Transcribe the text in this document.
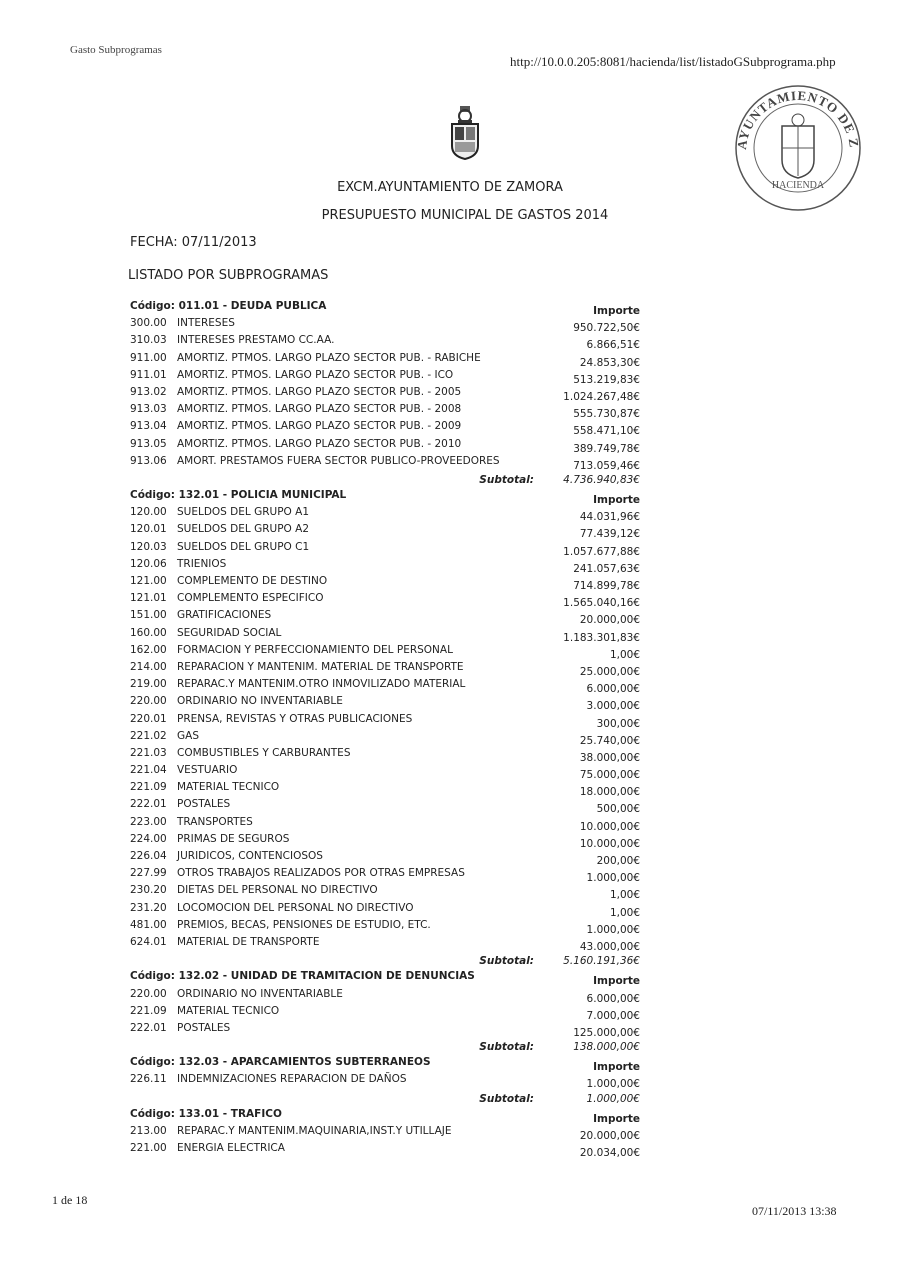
Gasto Subprogramas
http://10.0.0.205:8081/hacienda/list/listadoGSubprograma.php
AYUNTAMIENTO DE Z
HACIENDA
EXCM.AYUNTAMIENTO DE ZAMORA
PRESUPUESTO MUNICIPAL DE GASTOS 2014
FECHA: 07/11/2013
LISTADO POR SUBPROGRAMAS
Código: 011.01 - DEUDA PUBLICA	Importe
300.00 INTERESES	950.722,50€
310.03 INTERESES PRESTAMO CC.AA.	6.866,51€
911.00 AMORTIZ. PTMOS. LARGO PLAZO SECTOR PUB. - RABICHE	24.853,30€
911.01 AMORTIZ. PTMOS. LARGO PLAZO SECTOR PUB. - ICO	513.219,83€
913.02 AMORTIZ. PTMOS. LARGO PLAZO SECTOR PUB. - 2005	1.024.267,48€
913.03 AMORTIZ. PTMOS. LARGO PLAZO SECTOR PUB. - 2008	555.730,87€
913.04 AMORTIZ. PTMOS. LARGO PLAZO SECTOR PUB. - 2009	558.471,10€
913.05 AMORTIZ. PTMOS. LARGO PLAZO SECTOR PUB. - 2010	389.749,78€
913.06 AMORT. PRESTAMOS FUERA SECTOR PUBLICO-PROVEEDORES	713.059,46€
Subtotal:	4.736.940,83€
Código: 132.01 - POLICIA MUNICIPAL	Importe
120.00 SUELDOS DEL GRUPO A1	44.031,96€
120.01 SUELDOS DEL GRUPO A2	77.439,12€
120.03 SUELDOS DEL GRUPO C1	1.057.677,88€
120.06 TRIENIOS	241.057,63€
121.00 COMPLEMENTO DE DESTINO	714.899,78€
121.01 COMPLEMENTO ESPECIFICO	1.565.040,16€
151.00 GRATIFICACIONES	20.000,00€
160.00 SEGURIDAD SOCIAL	1.183.301,83€
162.00 FORMACION Y PERFECCIONAMIENTO DEL PERSONAL	1,00€
214.00 REPARACION Y MANTENIM. MATERIAL DE TRANSPORTE	25.000,00€
219.00 REPARAC.Y MANTENIM.OTRO INMOVILIZADO MATERIAL	6.000,00€
220.00 ORDINARIO NO INVENTARIABLE	3.000,00€
220.01 PRENSA, REVISTAS Y OTRAS PUBLICACIONES	300,00€
221.02 GAS	25.740,00€
221.03 COMBUSTIBLES Y CARBURANTES	38.000,00€
221.04 VESTUARIO	75.000,00€
221.09 MATERIAL TECNICO	18.000,00€
222.01 POSTALES	500,00€
223.00 TRANSPORTES	10.000,00€
224.00 PRIMAS DE SEGUROS	10.000,00€
226.04 JURIDICOS, CONTENCIOSOS	200,00€
227.99 OTROS TRABAJOS REALIZADOS POR OTRAS EMPRESAS	1.000,00€
230.20 DIETAS DEL PERSONAL NO DIRECTIVO	1,00€
231.20 LOCOMOCION DEL PERSONAL NO DIRECTIVO	1,00€
481.00 PREMIOS, BECAS, PENSIONES DE ESTUDIO, ETC.	1.000,00€
624.01 MATERIAL DE TRANSPORTE	43.000,00€
Subtotal:	5.160.191,36€
Código: 132.02 - UNIDAD DE TRAMITACION DE DENUNCIAS	Importe
220.00 ORDINARIO NO INVENTARIABLE	6.000,00€
221.09 MATERIAL TECNICO	7.000,00€
222.01 POSTALES	125.000,00€
Subtotal:	138.000,00€
Código: 132.03 - APARCAMIENTOS SUBTERRANEOS	Importe
226.11 INDEMNIZACIONES REPARACION DE DAÑOS	1.000,00€
Subtotal:	1.000,00€
Código: 133.01 - TRAFICO	Importe
213.00 REPARAC.Y MANTENIM.MAQUINARIA,INST.Y UTILLAJE	20.000,00€
221.00 ENERGIA ELECTRICA	20.034,00€
1 de 18
07/11/2013 13:38
